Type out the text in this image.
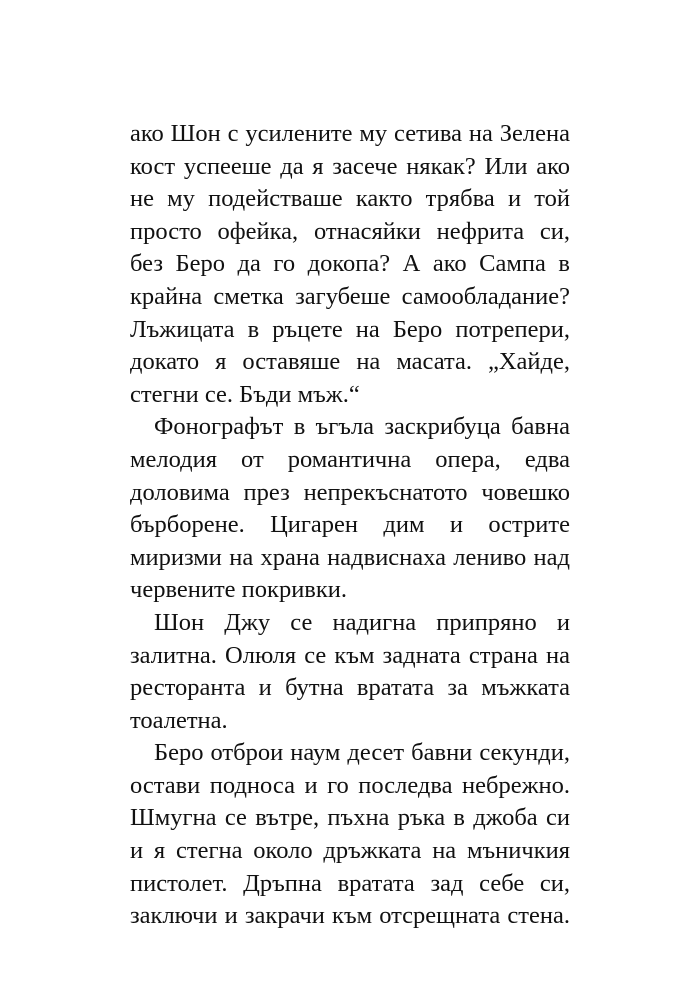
ако Шон с усилените му сетива на Зелена
кост успееше да я засече някак? Или ако
не му подействаше както трябва и той
просто офейка, отнасяйки нефрита си,
без Беро да го докопа? А ако Сампа в
крайна сметка загубеше самообладание?
Лъжицата в ръцете на Беро потрепери,
докато я оставяше на масата. „Хайде,
стегни се. Бъди мъж.“

Фонографът в ъгъла заскрибуца бавна
мелодия от романтична опера, едва
доловима през непрекъснатото човешко
бърборене. Цигарен дим и острите
миризми на храна надвиснаха лениво над
червените покривки.

Шон Джу се надигна припряно и
залитна. Олюля се към задната страна на
ресторанта и бутна вратата за мъжката
тоалетна.

Беро отброи наум десет бавни секунди,
остави подноса и го последва небрежно.
Шмугна се вътре, пъхна ръка в джоба си
и я стегна около дръжката на мъничкия
пистолет. Дръпна вратата зад себе си,
заключи и закрачи към отсрещната стена.
